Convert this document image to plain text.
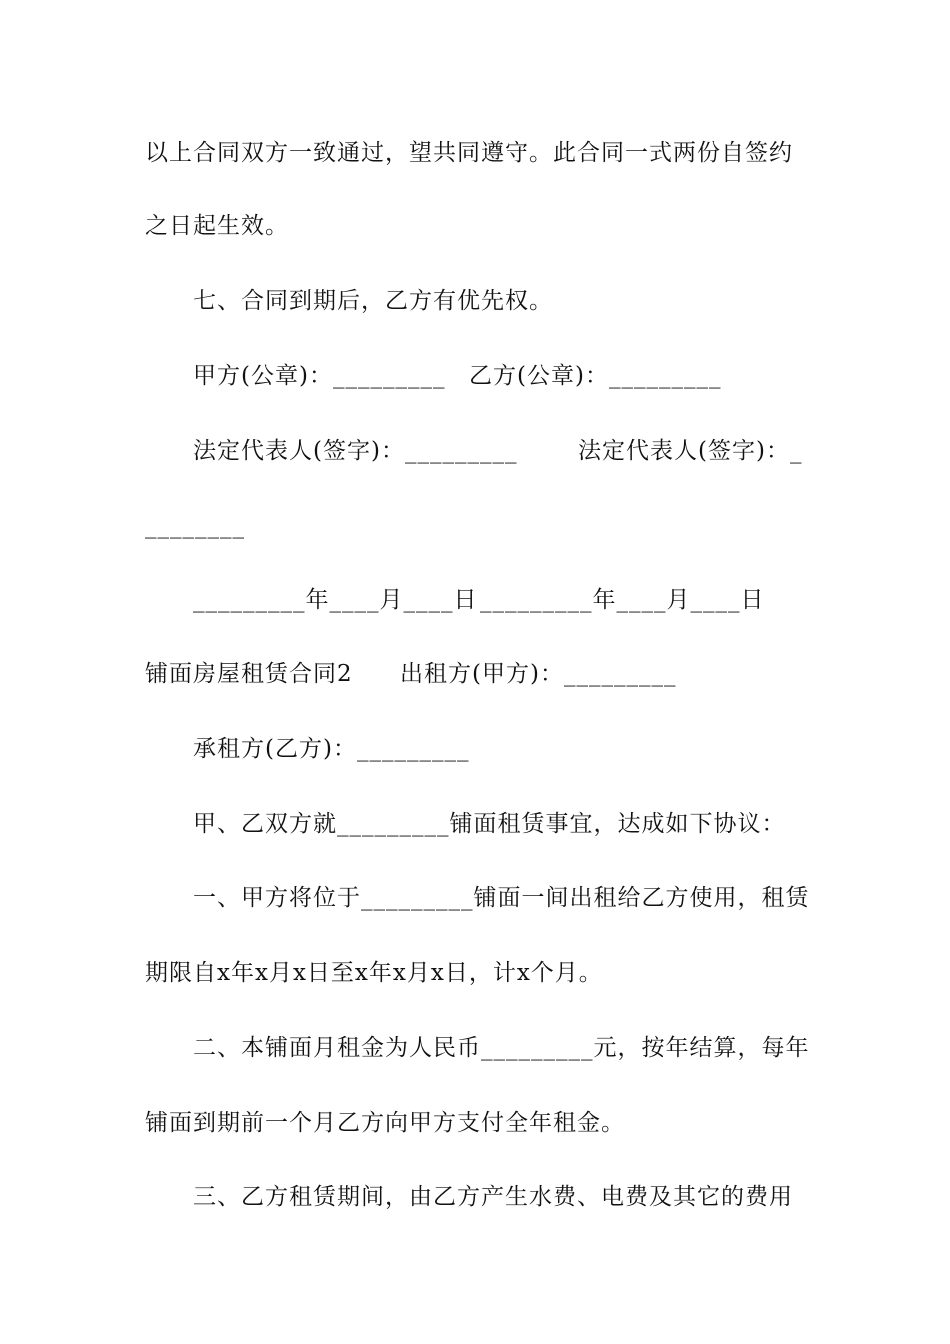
以上合同双方一致通过，望共同遵守。此合同一式两份自签约
之日起生效。
七、合同到期后，乙方有优先权。
甲方(公章)：_________ 乙方(公章)：_________
法定代表人(签字)：_________	法定代表人(签字)：_
________
_________年____月____日 _________年____月____日
铺面房屋租赁合同2 出租方(甲方)：_________
承租方(乙方)：_________
甲、乙双方就_________铺面租赁事宜，达成如下协议：
一、甲方将位于_________铺面一间出租给乙方使用，租赁
期限自x年x月x日至x年x月x日，计x个月。
二、本铺面月租金为人民币_________元，按年结算，每年
铺面到期前一个月乙方向甲方支付全年租金。
三、乙方租赁期间，由乙方产生水费、电费及其它的费用
